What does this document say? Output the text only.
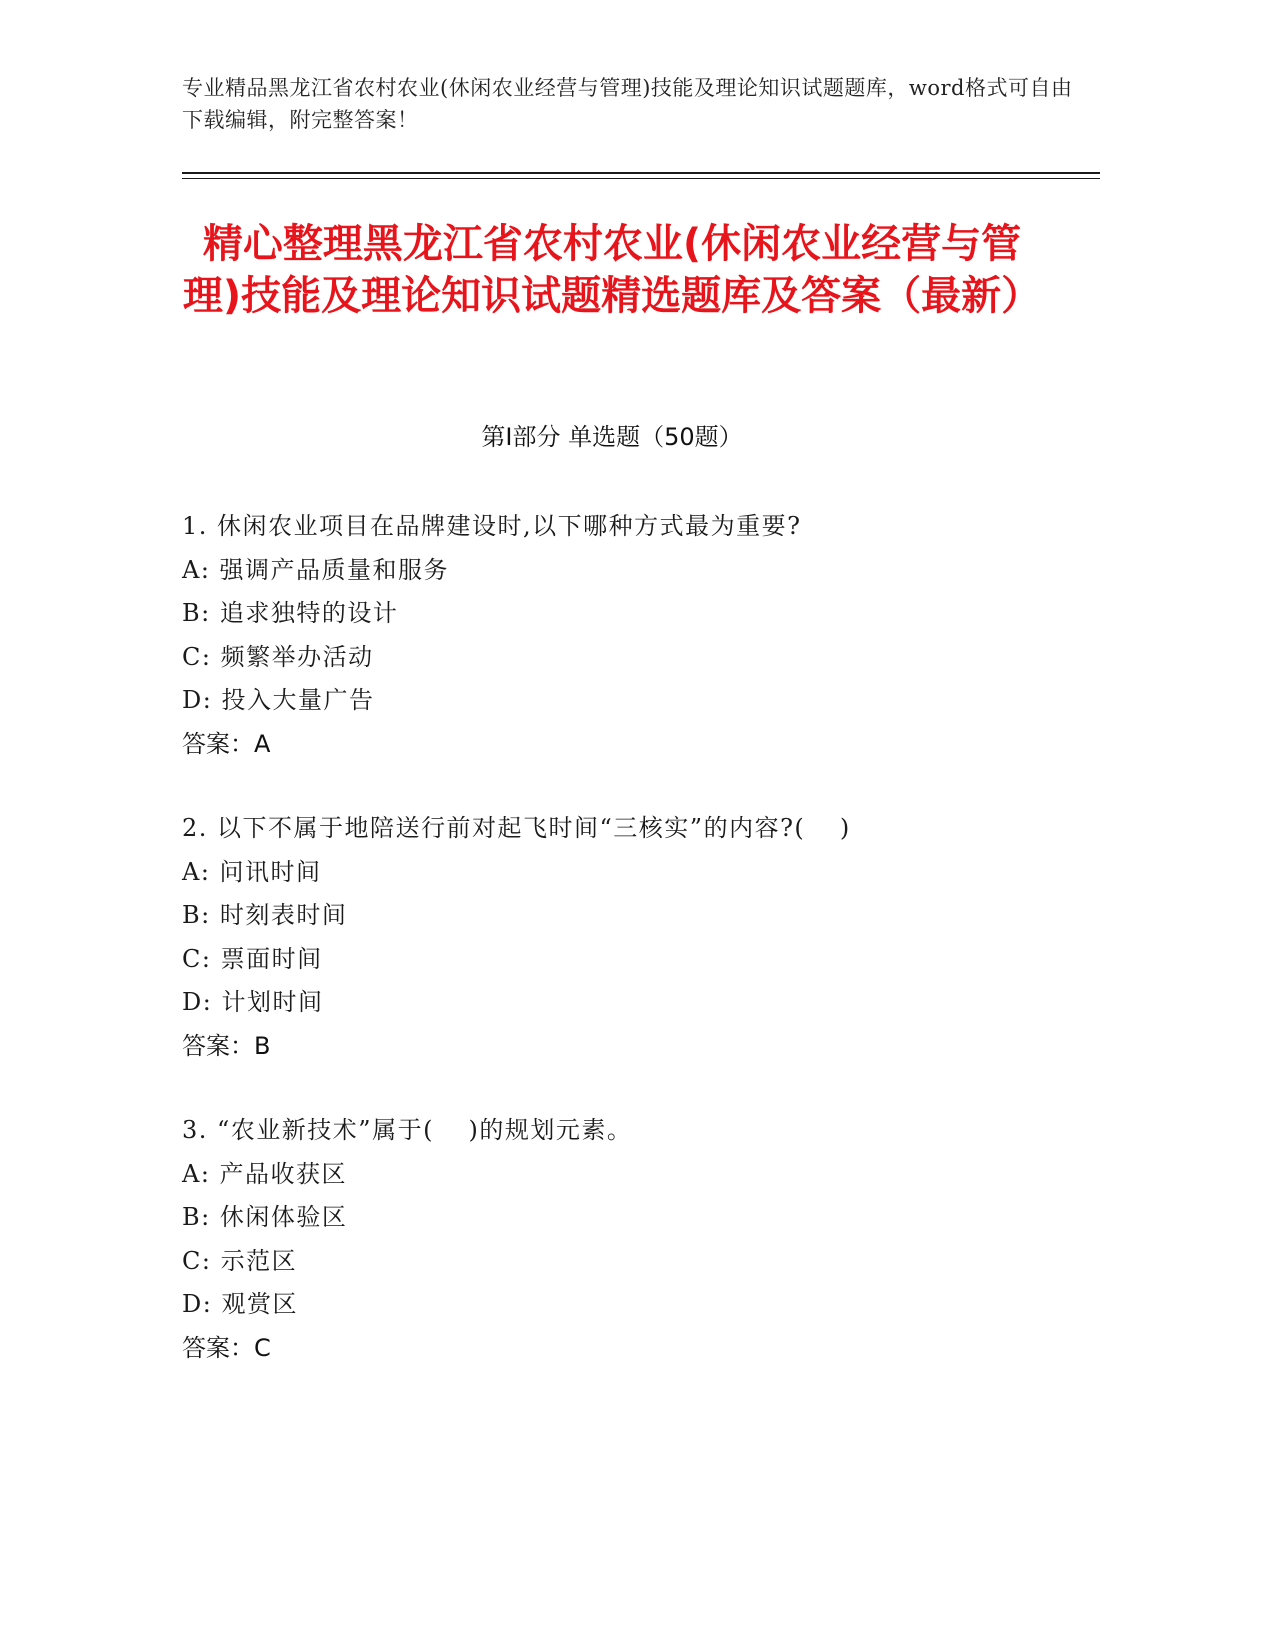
专业精品黑龙江省农村农业(休闲农业经营与管理)技能及理论知识试题题库，word格式可自由下载编辑，附完整答案！
精心整理黑龙江省农村农业(休闲农业经营与管理)技能及理论知识试题精选题库及答案（最新）
第Ⅰ部分 单选题（50题）
1. 休闲农业项目在品牌建设时,以下哪种方式最为重要?
A: 强调产品质量和服务
B: 追求独特的设计
C: 频繁举办活动
D: 投入大量广告
答案：A
2. 以下不属于地陪送行前对起飞时间“三核实”的内容?(　 )
A: 问讯时间
B: 时刻表时间
C: 票面时间
D: 计划时间
答案：B
3. “农业新技术”属于(　 )的规划元素。
A: 产品收获区
B: 休闲体验区
C: 示范区
D: 观赏区
答案：C
